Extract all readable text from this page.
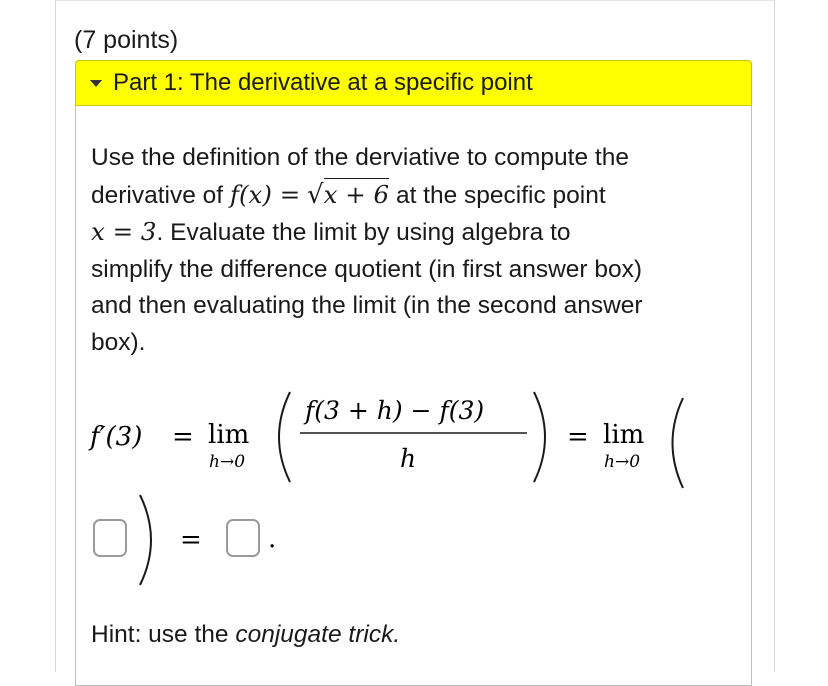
(7 points)
Part 1: The derivative at a specific point
Use the definition of the derviative to compute the
derivative of f(x) = √x + 6 at the specific point
x = 3. Evaluate the limit by using algebra to
simplify the difference quotient (in first answer box)
and then evaluating the limit (in the second answer
box).
f′(3) = lim
h→0
f(3 + h) − f(3)
h
= lim
h→0
=	.
Hint: use the conjugate trick.
